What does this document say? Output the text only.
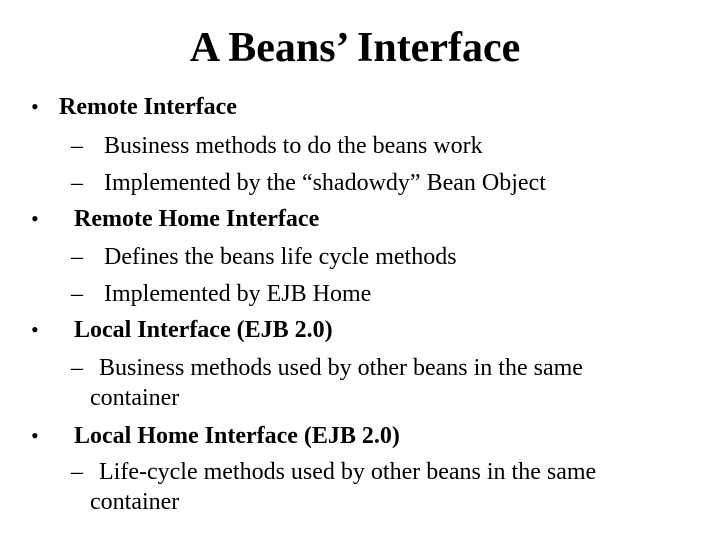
A Beans’ Interface
• Remote Interface
– Business methods to do the beans work
– Implemented by the “shadowdy” Bean Object
• Remote Home Interface
– Defines the beans life cycle methods
– Implemented by EJB Home
• Local Interface (EJB 2.0)
– Business methods used by other beans in the same
container
• Local Home Interface (EJB 2.0)
– Life-cycle methods used by other beans in the same
container
